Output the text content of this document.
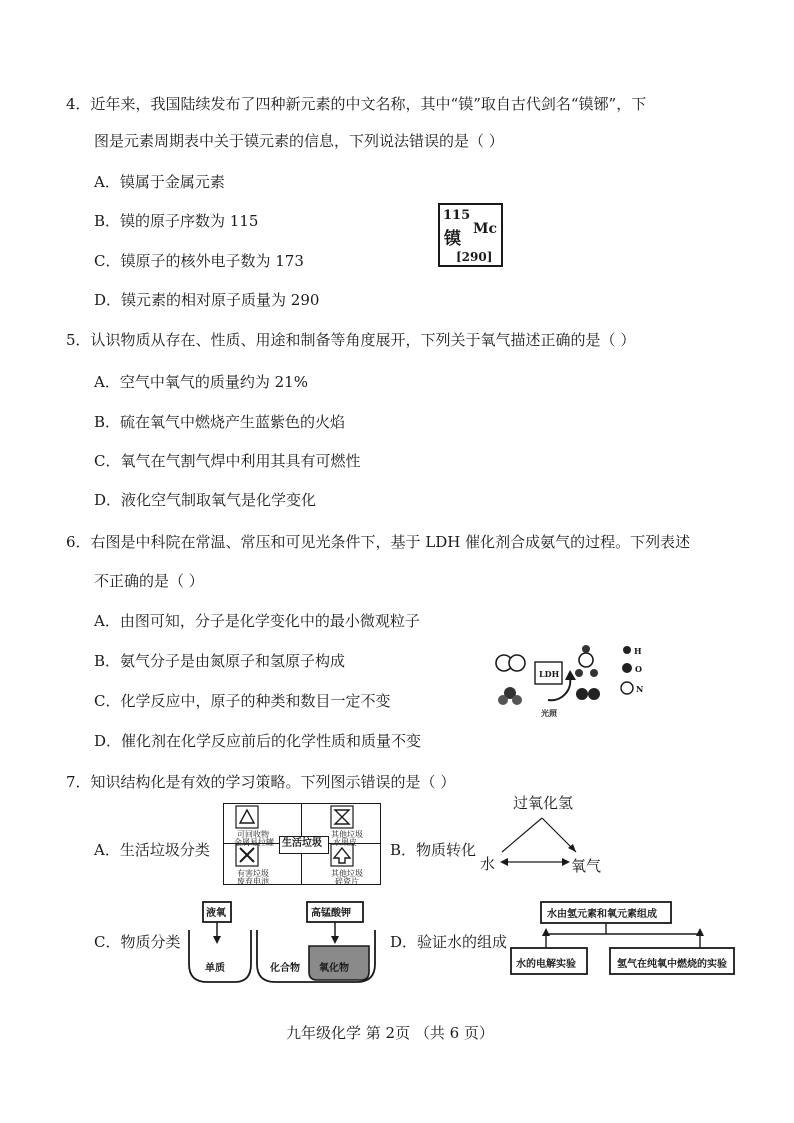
4．近年来，我国陆续发布了四种新元素的中文名称，其中“镆”取自古代剑名“镆铘”，下
图是元素周期表中关于镆元素的信息，下列说法错误的是（ ）
A．镆属于金属元素
B．镆的原子序数为 115
C．镆原子的核外电子数为 173
D．镆元素的相对原子质量为 290
115
Mc
镆
[290]
5．认识物质从存在、性质、用途和制备等角度展开，下列关于氧气描述正确的是（ ）
A．空气中氧气的质量约为 21%
B．硫在氧气中燃烧产生蓝紫色的火焰
C．氧气在气割气焊中利用其具有可燃性
D．液化空气制取氧气是化学变化
6．右图是中科院在常温、常压和可见光条件下，基于 LDH 催化剂合成氨气的过程。下列表述
不正确的是（ ）
A．由图可知，分子是化学变化中的最小微观粒子
B．氨气分子是由氮原子和氢原子构成
C．化学反应中，原子的种类和数目一定不变
D．催化剂在化学反应前后的化学性质和质量不变
LDH
光照
H
O
N
7．知识结构化是有效的学习策略。下列图示错误的是（ ）
A．生活垃圾分类	生活垃圾
可回收物
金属易拉罐
其他垃圾
水果皮
有害垃圾
废弃电池
其他垃圾
碎瓷片
B．物质转化
过氧化氢
水	氧气
C．物质分类
液氧	高锰酸钾
单质	化合物 氧化物
D．验证水的组成
水由氢元素和氧元素组成
水的电解实验	氢气在纯氧中燃烧的实验
九年级化学 第 2页 （共 6 页）
